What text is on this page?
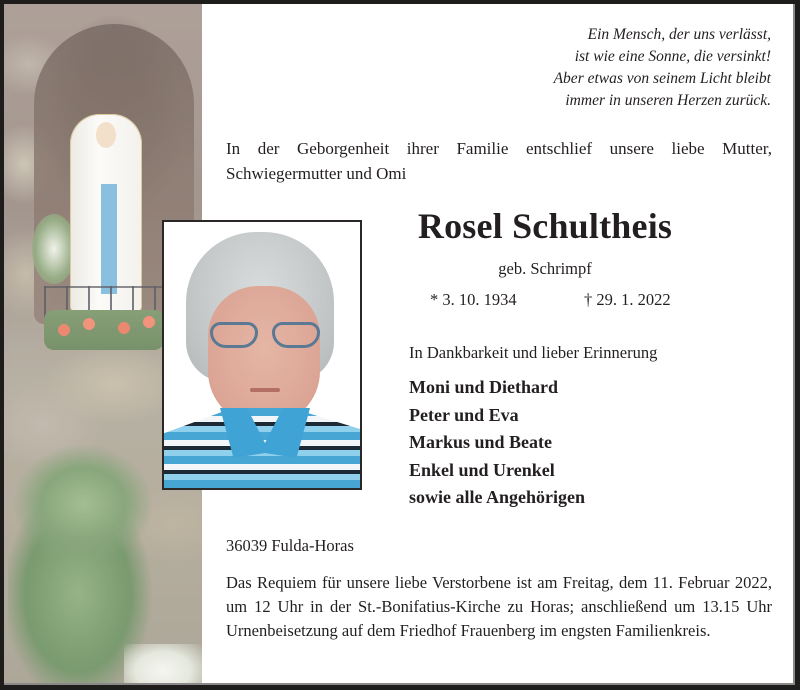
Ein Mensch, der uns verlässt,
ist wie eine Sonne, die versinkt!
Aber etwas von seinem Licht bleibt
immer in unseren Herzen zurück.
In der Geborgenheit ihrer Familie entschlief unsere liebe Mutter, Schwiegermutter und Omi
Rosel Schultheis
geb. Schrimpf
* 3. 10. 1934	† 29. 1. 2022
In Dankbarkeit und lieber Erinnerung
Moni und Diethard
Peter und Eva
Markus und Beate
Enkel und Urenkel
sowie alle Angehörigen
36039 Fulda-Horas
Das Requiem für unsere liebe Verstorbene ist am Freitag, dem 11. Februar 2022, um 12 Uhr in der St.-Bonifatius-Kirche zu Horas; anschließend um 13.15 Uhr Urnenbeisetzung auf dem Friedhof Frauenberg im engsten Familienkreis.
